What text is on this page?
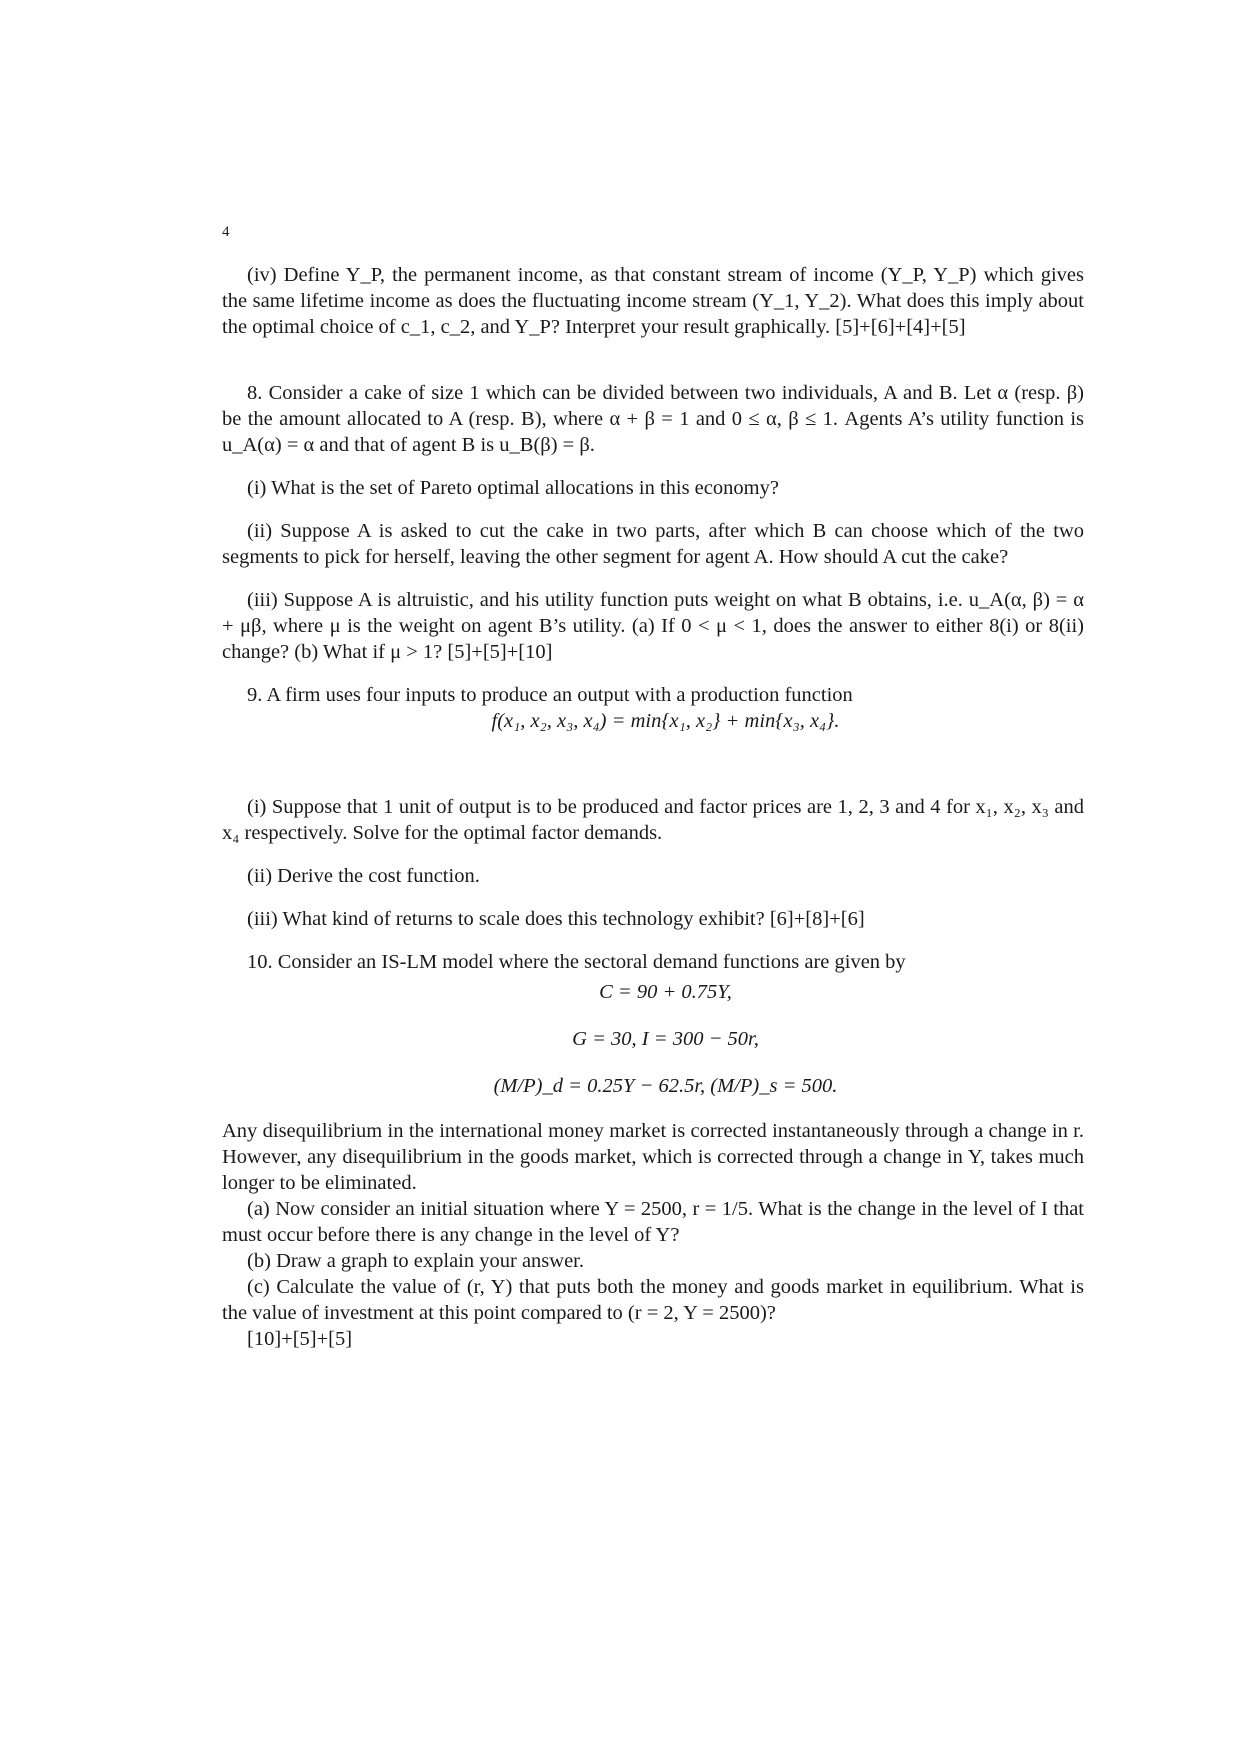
4

(iv) Define Y_P, the permanent income, as that constant stream of income (Y_P, Y_P) which gives the same lifetime income as does the fluctuating income stream (Y_1, Y_2). What does this imply about the optimal choice of c_1, c_2, and Y_P? Interpret your result graphically. [5]+[6]+[4]+[5]

8. Consider a cake of size 1 which can be divided between two individuals, A and B. Let α (resp. β) be the amount allocated to A (resp. B), where α + β = 1 and 0 ≤ α, β ≤ 1. Agents A’s utility function is u_A(α) = α and that of agent B is u_B(β) = β.

(i) What is the set of Pareto optimal allocations in this economy?

(ii) Suppose A is asked to cut the cake in two parts, after which B can choose which of the two segments to pick for herself, leaving the other segment for agent A. How should A cut the cake?

(iii) Suppose A is altruistic, and his utility function puts weight on what B obtains, i.e. u_A(α, β) = α + μβ, where μ is the weight on agent B’s utility. (a) If 0 < μ < 1, does the answer to either 8(i) or 8(ii) change? (b) What if μ > 1? [5]+[5]+[10]

9. A firm uses four inputs to produce an output with a production function

f(x₁, x₂, x₃, x₄) = min{x₁, x₂} + min{x₃, x₄}.

(i) Suppose that 1 unit of output is to be produced and factor prices are 1, 2, 3 and 4 for x₁, x₂, x₃ and x₄ respectively. Solve for the optimal factor demands.

(ii) Derive the cost function.

(iii) What kind of returns to scale does this technology exhibit? [6]+[8]+[6]

10. Consider an IS-LM model where the sectoral demand functions are given by

C = 90 + 0.75Y,

G = 30, I = 300 − 50r,

(M/P)_d = 0.25Y − 62.5r, (M/P)_s = 500.

Any disequilibrium in the international money market is corrected instantaneously through a change in r. However, any disequilibrium in the goods market, which is corrected through a change in Y, takes much longer to be eliminated.

(a) Now consider an initial situation where Y = 2500, r = 1/5. What is the change in the level of I that must occur before there is any change in the level of Y?

(b) Draw a graph to explain your answer.

(c) Calculate the value of (r, Y) that puts both the money and goods market in equilibrium. What is the value of investment at this point compared to (r = 2, Y = 2500)?

[10]+[5]+[5]
